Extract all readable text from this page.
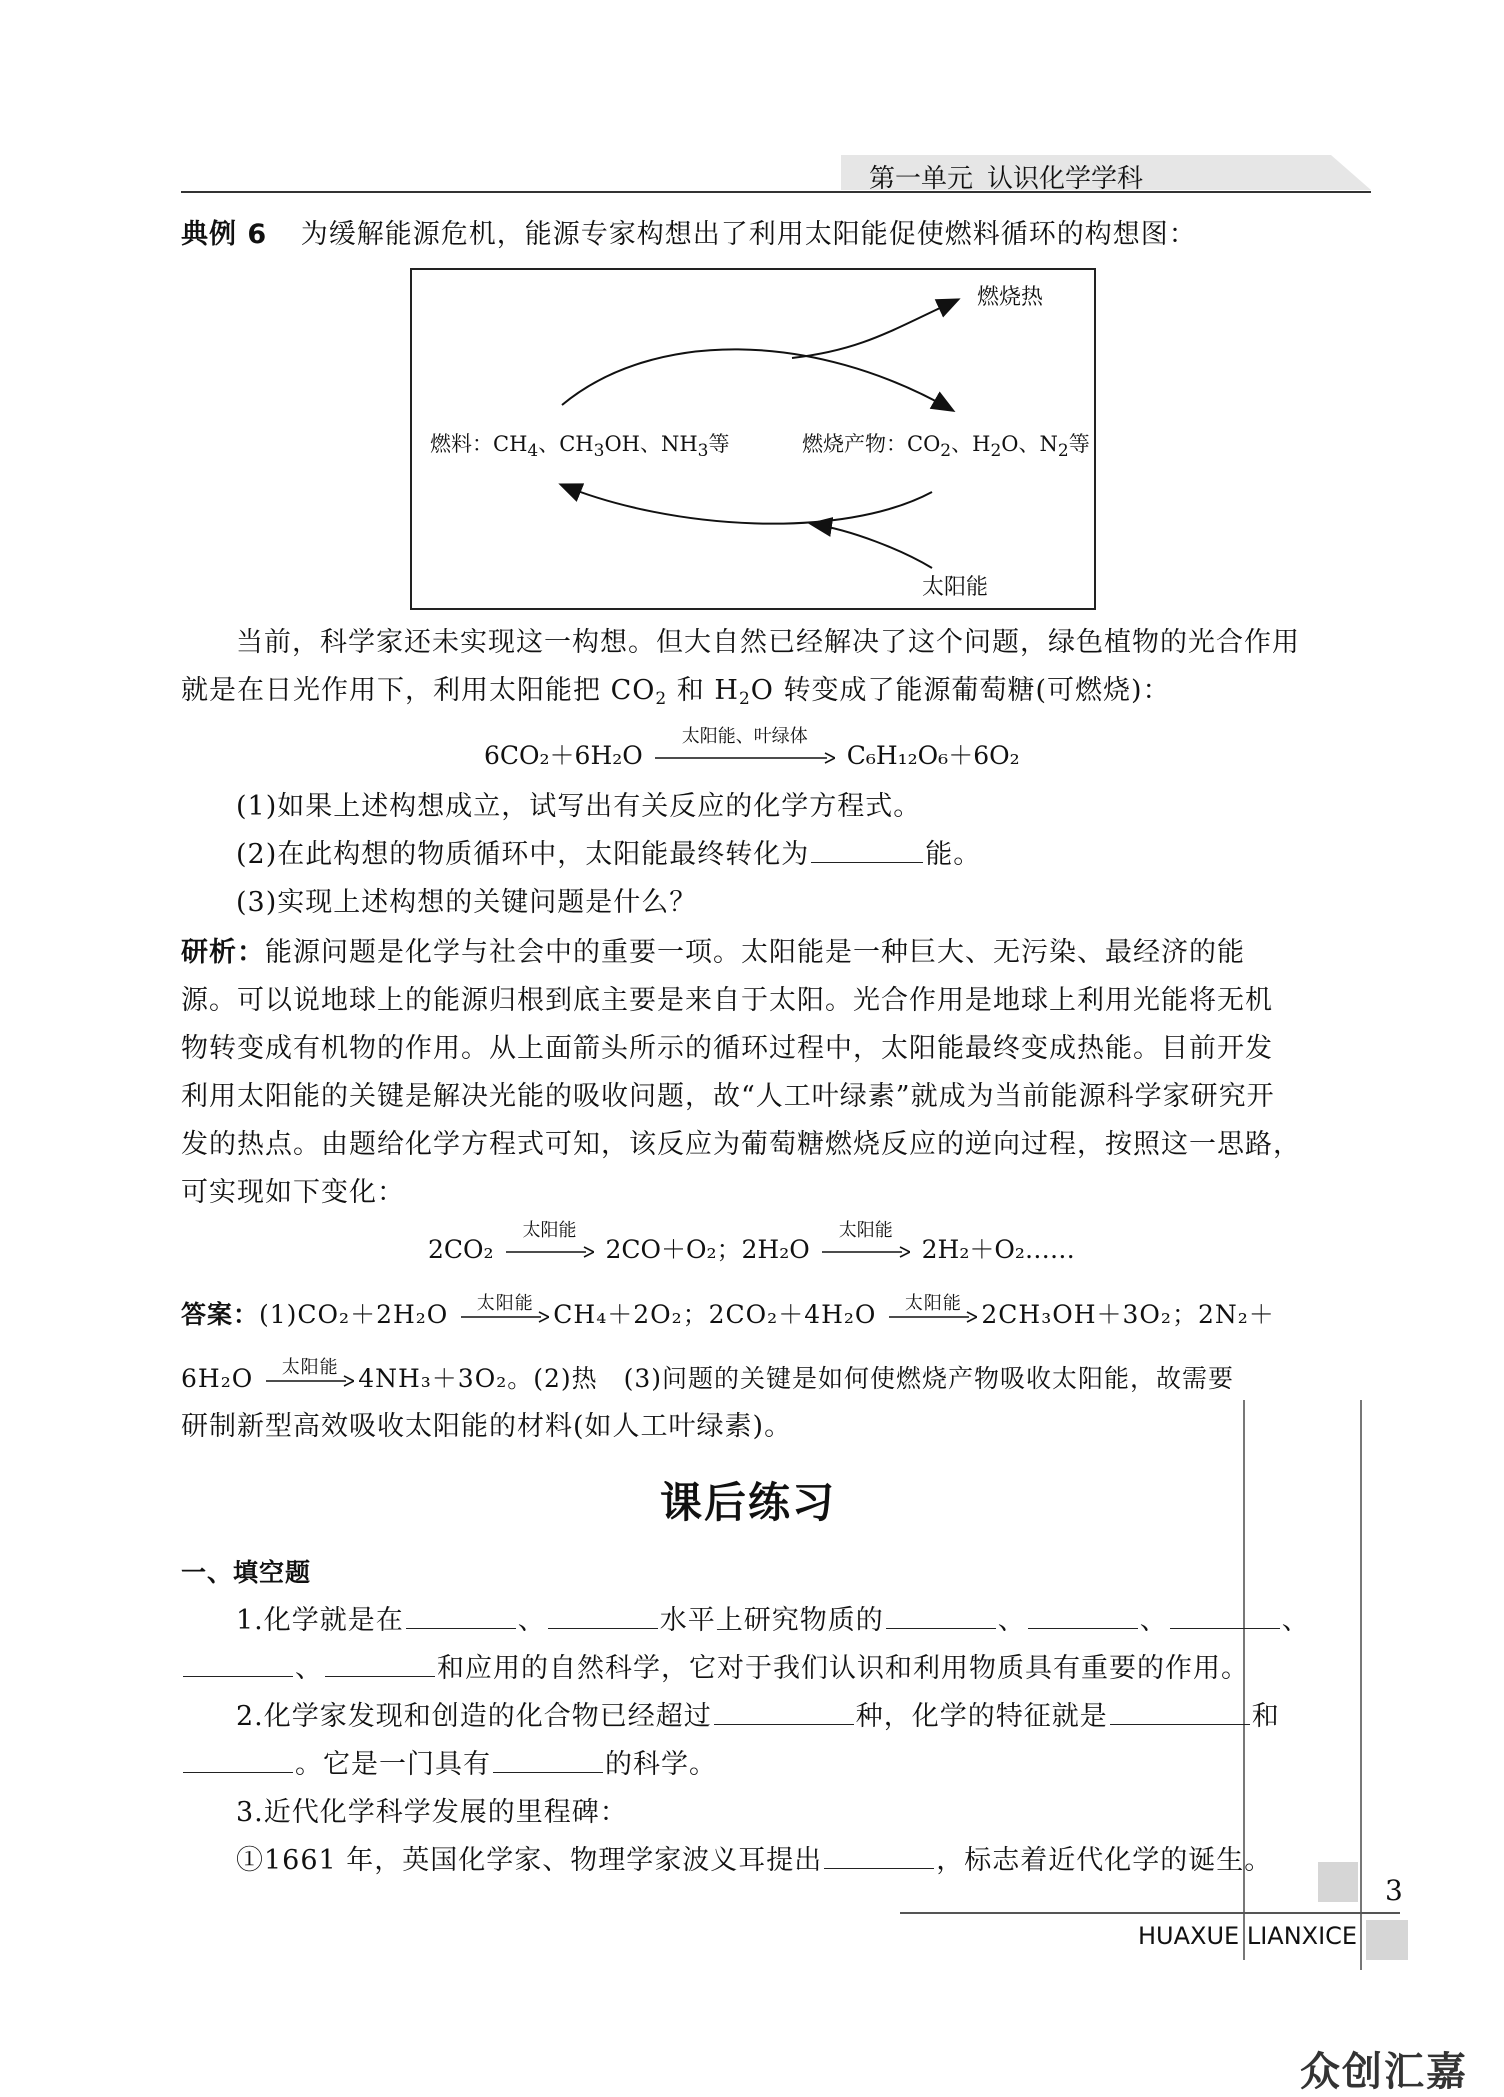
第一单元 认识化学学科
典例 6 为缓解能源危机，能源专家构想出了利用太阳能促使燃料循环的构想图：
燃烧热
燃料：$CH_4$、$CH_3OH$、$NH_3$等	燃烧产物：$CO_2$、$H_2O$、$N_2$等
太阳能
当前，科学家还未实现这一构想。但大自然已经解决了这个问题，绿色植物的光合作用
就是在日光作用下，利用太阳能把 $CO_2$ 和 $H_2O$ 转变成了能源葡萄糖(可燃烧)：
6CO₂＋6H₂O
太阳能、叶绿体
C₆H₁₂O₆＋6O₂
(1)如果上述构想成立，试写出有关反应的化学方程式。
(2)在此构想的物质循环中，太阳能最终转化为	能。
(3)实现上述构想的关键问题是什么？
研析：能源问题是化学与社会中的重要一项。太阳能是一种巨大、无污染、最经济的能
源。可以说地球上的能源归根到底主要是来自于太阳。光合作用是地球上利用光能将无机
物转变成有机物的作用。从上面箭头所示的循环过程中，太阳能最终变成热能。目前开发
利用太阳能的关键是解决光能的吸收问题，故“人工叶绿素”就成为当前能源科学家研究开
发的热点。由题给化学方程式可知，该反应为葡萄糖燃烧反应的逆向过程，按照这一思路，
可实现如下变化：
2CO₂
太阳能
2CO＋O₂；2H₂O
太阳能
2H₂＋O₂……
答案：(1)CO₂＋2H₂O	太阳能 CH₄＋2O₂；2CO₂＋4H₂O	太阳能 2CH₃OH＋3O₂；2N₂＋
6H₂O	太阳能 4NH₃＋3O₂。(2)热　(3)问题的关键是如何使燃烧产物吸收太阳能，故需要
研制新型高效吸收太阳能的材料(如人工叶绿素)。
课后练习
一、填空题
1.化学就是在	、	水平上研究物质的	、	、	、
、	和应用的自然科学，它对于我们认识和利用物质具有重要的作用。
2.化学家发现和创造的化合物已经超过	种，化学的特征就是	和
。它是一门具有	的科学。
3.近代化学科学发展的里程碑：
①1661 年，英国化学家、物理学家波义耳提出	，标志着近代化学的诞生。
3
HUAXUE LIANXICE
众创汇嘉
